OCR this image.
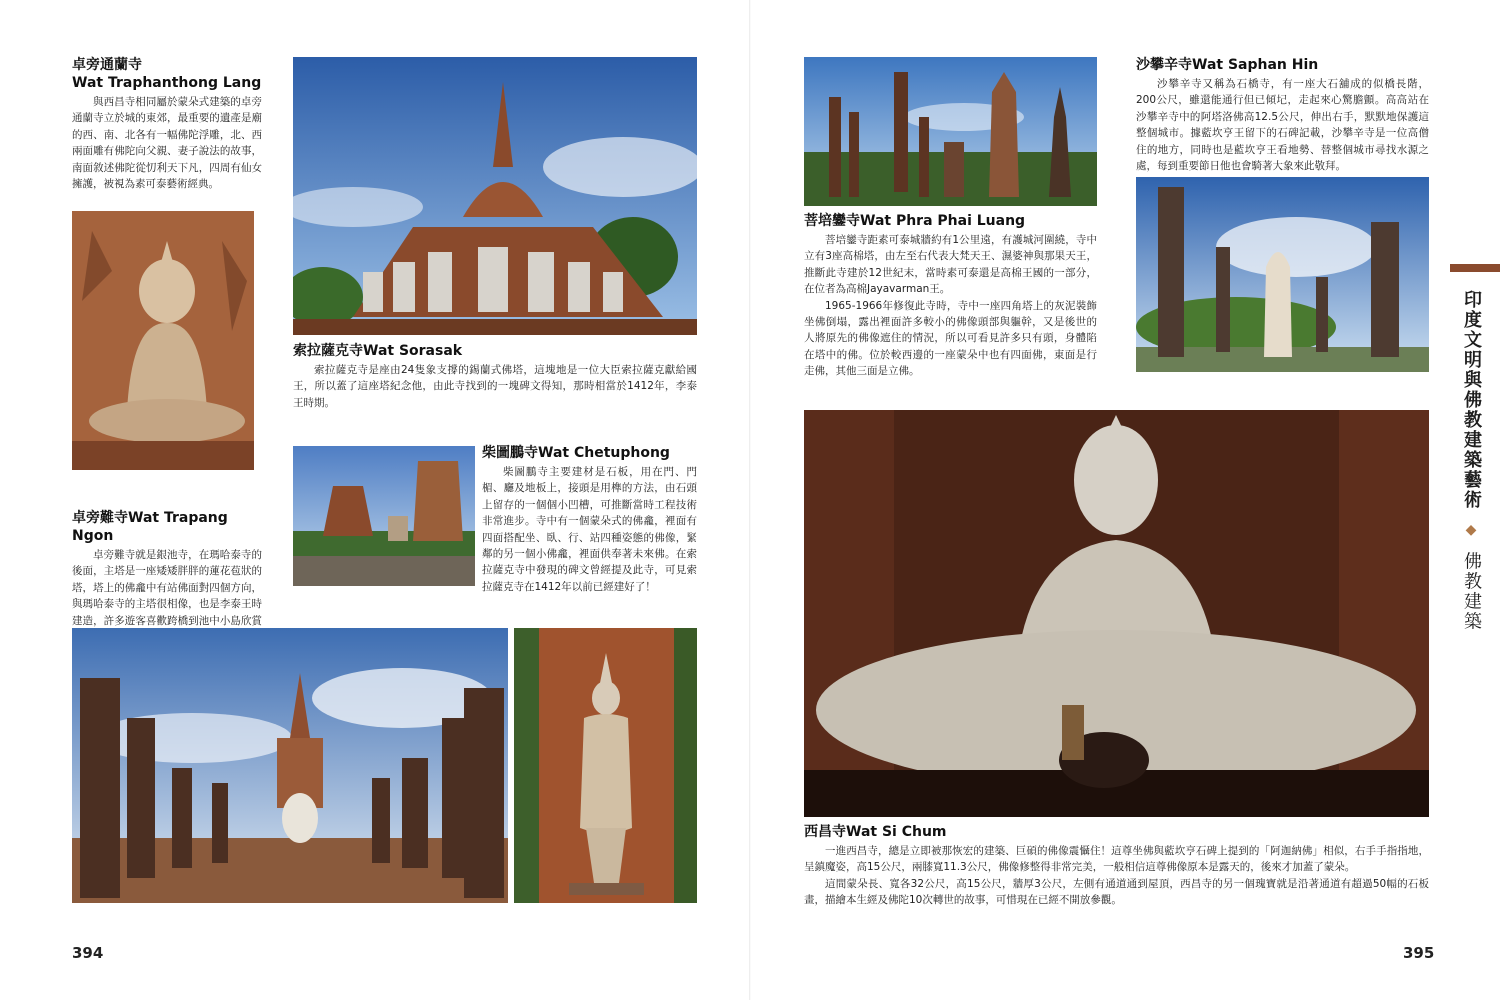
卓旁通蘭寺

Wat Traphanthong Lang

與西昌寺相同屬於蒙朵式建築的卓旁通蘭寺立於城的東郊，最重要的遺產是廟的西、南、北各有一幅佛陀浮雕，北、西兩面雕有佛陀向父親、妻子說法的故事，南面敘述佛陀從忉利天下凡，四周有仙女擁護，被視為素可泰藝術經典。

索拉薩克寺Wat Sorasak

索拉薩克寺是座由24隻象支撐的錫蘭式佛塔，這塊地是一位大臣索拉薩克獻給國王，所以蓋了這座塔紀念他，由此寺找到的一塊碑文得知，那時相當於1412年，李泰王時期。

柴圖鵬寺Wat Chetuphong

柴圖鵬寺主要建材是石板，用在門、門楣、廳及地板上，接頭是用榫的方法，由石頭上留存的一個個小凹槽，可推斷當時工程技術非常進步。寺中有一個蒙朵式的佛龕，裡面有四面搭配坐、臥、行、站四種姿態的佛像，緊鄰的另一個小佛龕，裡面供奉著未來佛。在索拉薩克寺中發現的碑文曾經提及此寺，可見索拉薩克寺在1412年以前已經建好了！

卓旁難寺Wat Trapang Ngon

卓旁難寺就是銀池寺，在瑪哈泰寺的後面，主塔是一座矮矮胖胖的蓮花苞狀的塔，塔上的佛龕中有站佛面對四個方向，與瑪哈泰寺的主塔很相像，也是李泰王時建造，許多遊客喜歡跨橋到池中小島欣賞

394

菩培鑾寺Wat Phra Phai Luang

菩培鑾寺距素可泰城牆約有1公里遠，有護城河圍繞，寺中立有3座高棉塔，由左至右代表大梵天王、濕婆神與那果天王，推斷此寺建於12世紀末，當時素可泰還是高棉王國的一部分，在位者為高棉Jayavarman王。

1965-1966年修復此寺時，寺中一座四角塔上的灰泥裝飾坐佛倒塌，露出裡面許多較小的佛像頭部與軀幹，又是後世的人將原先的佛像遮住的情況，所以可看見許多只有頭，身體陷在塔中的佛。位於較西邊的一座蒙朵中也有四面佛，東面是行走佛，其他三面是立佛。

沙攀辛寺Wat Saphan Hin

沙攀辛寺又稱為石橋寺，有一座大石舖成的似橋長階，200公尺，雖還能通行但已傾圮，走起來心驚膽顫。高高站在沙攀辛寺中的阿塔洛佛高12.5公尺，伸出右手，默默地保護這整個城市。據藍坎亨王留下的石碑記載，沙攀辛寺是一位高僧住的地方，同時也是藍坎亨王看地勢、替整個城市尋找水源之處，每到重要節日他也會騎著大象來此敬拜。

西昌寺Wat Si Chum

一進西昌寺，總是立即被那恢宏的建築、巨碩的佛像震懾住！這尊坐佛與藍坎亨石碑上提到的「阿迦納佛」相似，右手手指指地，呈鎮魔姿，高15公尺，兩膝寬11.3公尺，佛像修整得非常完美，一般相信這尊佛像原本是露天的，後來才加蓋了蒙朵。

這間蒙朵長、寬各32公尺，高15公尺，牆厚3公尺，左側有通道通到屋頂，西昌寺的另一個瑰寶就是沿著通道有超過50幅的石板畫，描繪本生經及佛陀10次轉世的故事，可惜現在已經不開放參觀。

395
印度文明與佛教建築藝術 ◆ 佛教建築
